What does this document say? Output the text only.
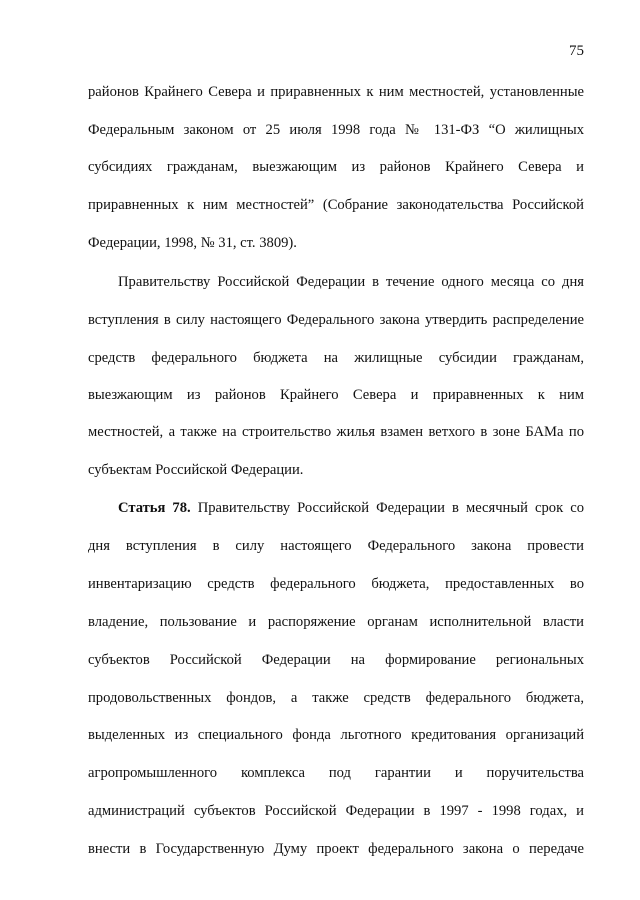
75
районов Крайнего Севера и приравненных к ним местностей, установленные
Федеральным законом от 25 июля 1998 года № 131-ФЗ “О жилищных
субсидиях гражданам, выезжающим из районов Крайнего Севера и
приравненных к ним местностей” (Собрание законодательства Российской
Федерации, 1998, № 31, ст. 3809).
Правительству Российской Федерации в течение одного месяца со дня
вступления в силу настоящего Федерального закона утвердить распределение
средств федерального бюджета на жилищные субсидии гражданам,
выезжающим из районов Крайнего Севера и приравненных к ним
местностей, а также на строительство жилья взамен ветхого в зоне БАМа по
субъектам Российской Федерации.
Статья 78. Правительству Российской Федерации в месячный срок со
дня вступления в силу настоящего Федерального закона провести
инвентаризацию средств федерального бюджета, предоставленных во
владение, пользование и распоряжение органам исполнительной власти
субъектов Российской Федерации на формирование региональных
продовольственных фондов, а также средств федерального бюджета,
выделенных из специального фонда льготного кредитования организаций
агропромышленного комплекса под гарантии и поручительства
администраций субъектов Российской Федерации в 1997 - 1998 годах, и
внести в Государственную Думу проект федерального закона о передаче
